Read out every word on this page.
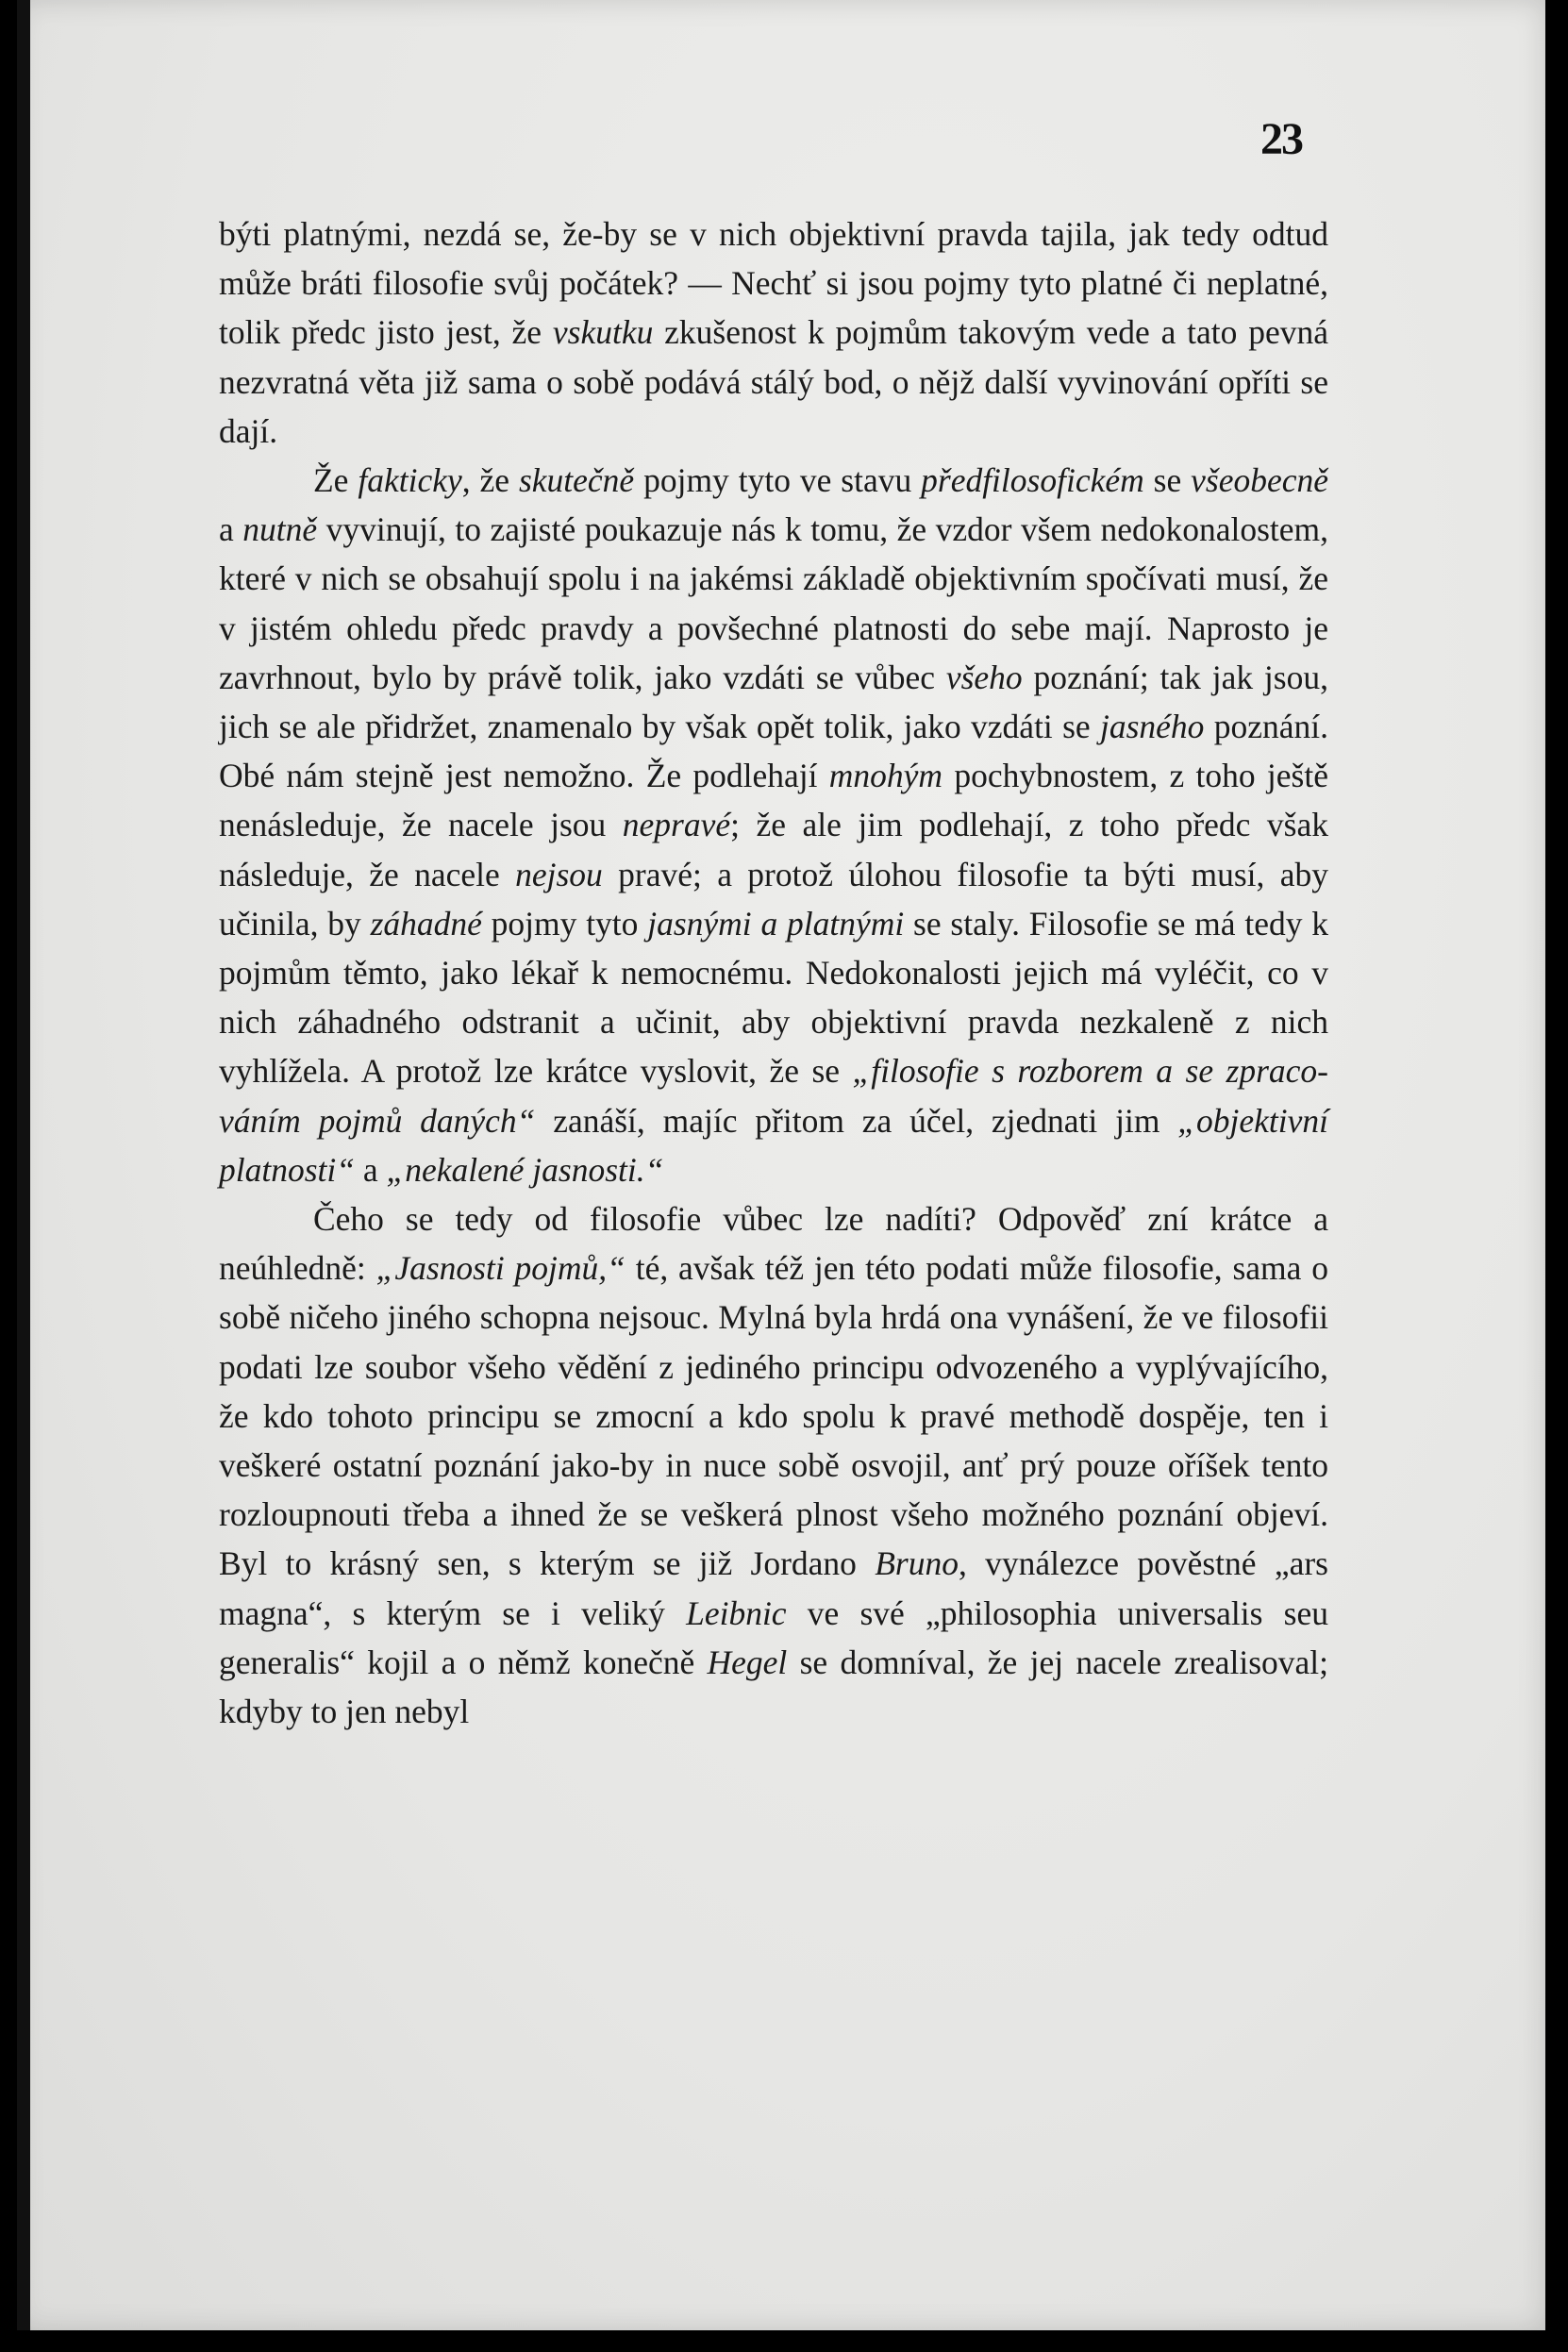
23

býti platnými, nezdá se, že-by se v nich objektivní pravda tajila, jak tedy odtud může bráti filosofie svůj počátek? — Nechť si jsou pojmy tyto platné či neplatné, tolik předc jisto jest, že vskutku zkušenost k pojmům takovým vede a tato pevná nezvratná věta již sama o sobě podává stálý bod, o nějž další vyvinování opříti se dají.

Že fakticky, že skutečně pojmy tyto ve stavu předfilosofickém se všeobecně a nutně vyvinují, to zajisté poukazuje nás k tomu, že vzdor všem nedokonalostem, které v nich se obsahují spolu i na jakémsi základě objektivním spočívati musí, že v jistém ohledu předc pravdy a povšechné platnosti do sebe mají. Naprosto je zavrhnout, bylo by právě tolik, jako vzdáti se vůbec všeho poznání; tak jak jsou, jich se ale přidržet, znamenalo by však opět tolik, jako vzdáti se jasného poznání. Obé nám stejně jest nemožno. Že podlehají mnohým pochybnostem, z toho ještě nenásleduje, že nacele jsou nepravé; že ale jim podlehají, z toho předc však následuje, že nacele nejsou pravé; a protož úlohou filosofie ta býti musí, aby učinila, by záhadné pojmy tyto jasnými a platnými se staly. Filosofie se má tedy k pojmům těmto, jako lékař k nemocnému. Nedokonalosti jejich má vyléčit, co v nich záhadného odstranit a učinit, aby objektivní pravda nezkaleně z nich vyhlížela. A protož lze krátce vyslovit, že se „filosofie s rozborem a se zpracováním pojmů daných“ zanáší, majíc přitom za účel, zjednati jim „objektivní platnosti“ a „nekalené jasnosti.“

Čeho se tedy od filosofie vůbec lze nadíti? Odpověď zní krátce a neúhledně: „Jasnosti pojmů,“ té, avšak též jen této podati může filosofie, sama o sobě ničeho jiného schopna nejsouc. Mylná byla hrdá ona vynášení, že ve filosofii podati lze soubor všeho vědění z jediného principu odvozeného a vyplývajícího, že kdo tohoto principu se zmocní a kdo spolu k pravé methodě dospěje, ten i veškeré ostatní poznání jako-by in nuce sobě osvojil, anť prý pouze oříšek tento rozloupnouti třeba a ihned že se veškerá plnost všeho možného poznání objeví. Byl to krásný sen, s kterým se již Jordano Bruno, vynálezce pověstné „ars magna“, s kterým se i veliký Leibnic ve své „philosophia universalis seu generalis“ kojil a o němž konečně Hegel se domníval, že jej nacele zrealisoval; kdyby to jen nebyl
